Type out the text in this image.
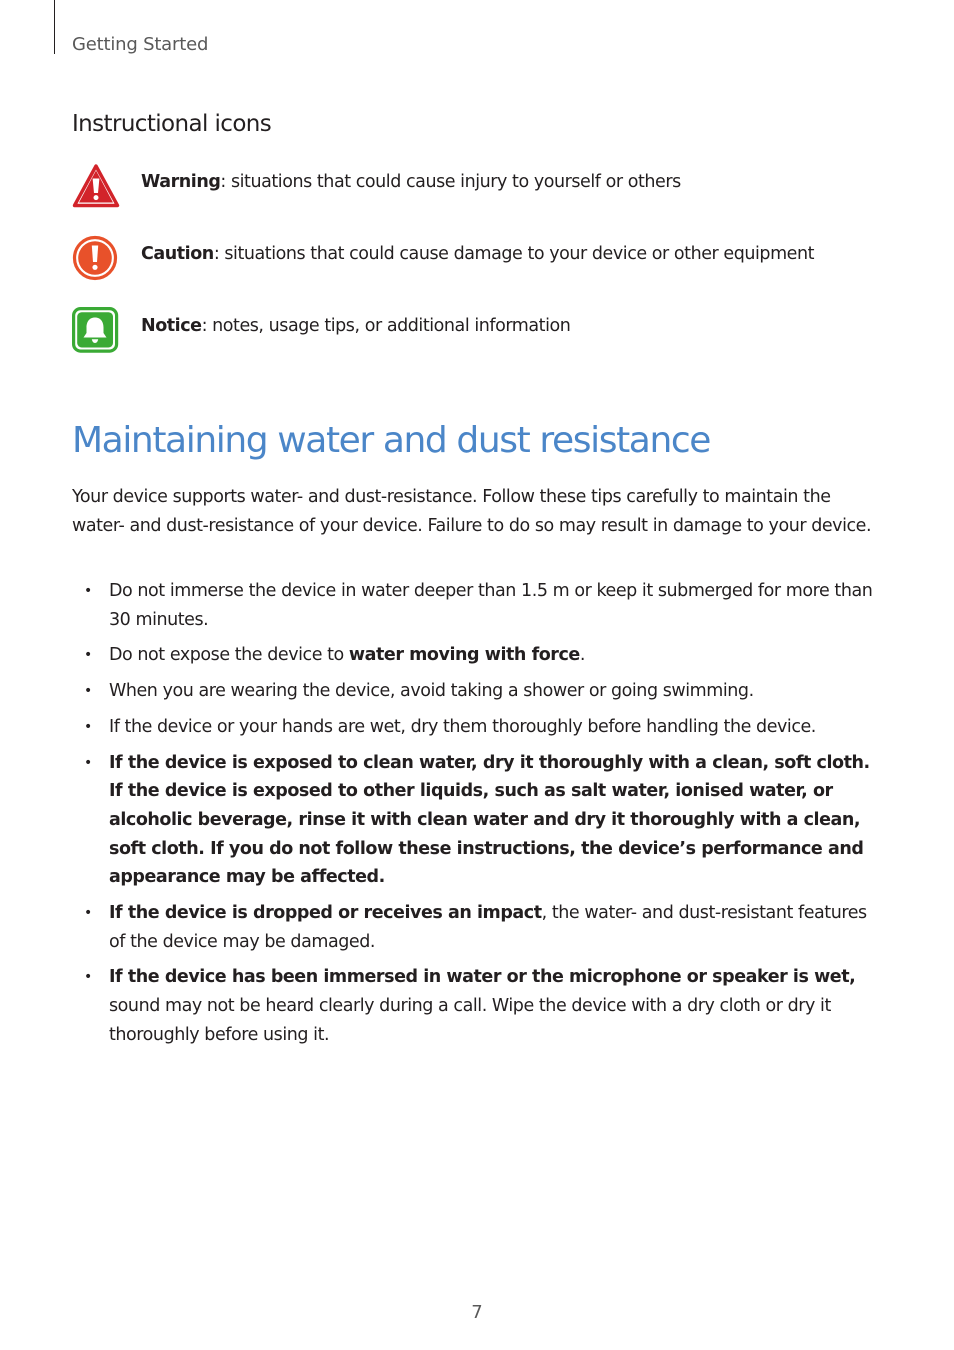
Getting Started
Instructional icons
Warning: situations that could cause injury to yourself or others
Caution: situations that could cause damage to your device or other equipment
Notice: notes, usage tips, or additional information
Maintaining water and dust resistance

Your device supports water- and dust-resistance. Follow these tips carefully to maintain the water- and dust-resistance of your device. Failure to do so may result in damage to your device.

• Do not immerse the device in water deeper than 1.5 m or keep it submerged for more than 30 minutes.
• Do not expose the device to water moving with force.
• When you are wearing the device, avoid taking a shower or going swimming.
• If the device or your hands are wet, dry them thoroughly before handling the device.
• If the device is exposed to clean water, dry it thoroughly with a clean, soft cloth. If the device is exposed to other liquids, such as salt water, ionised water, or alcoholic beverage, rinse it with clean water and dry it thoroughly with a clean, soft cloth. If you do not follow these instructions, the device’s performance and appearance may be affected.
• If the device is dropped or receives an impact, the water- and dust-resistant features of the device may be damaged.
• If the device has been immersed in water or the microphone or speaker is wet, sound may not be heard clearly during a call. Wipe the device with a dry cloth or dry it thoroughly before using it.
7
